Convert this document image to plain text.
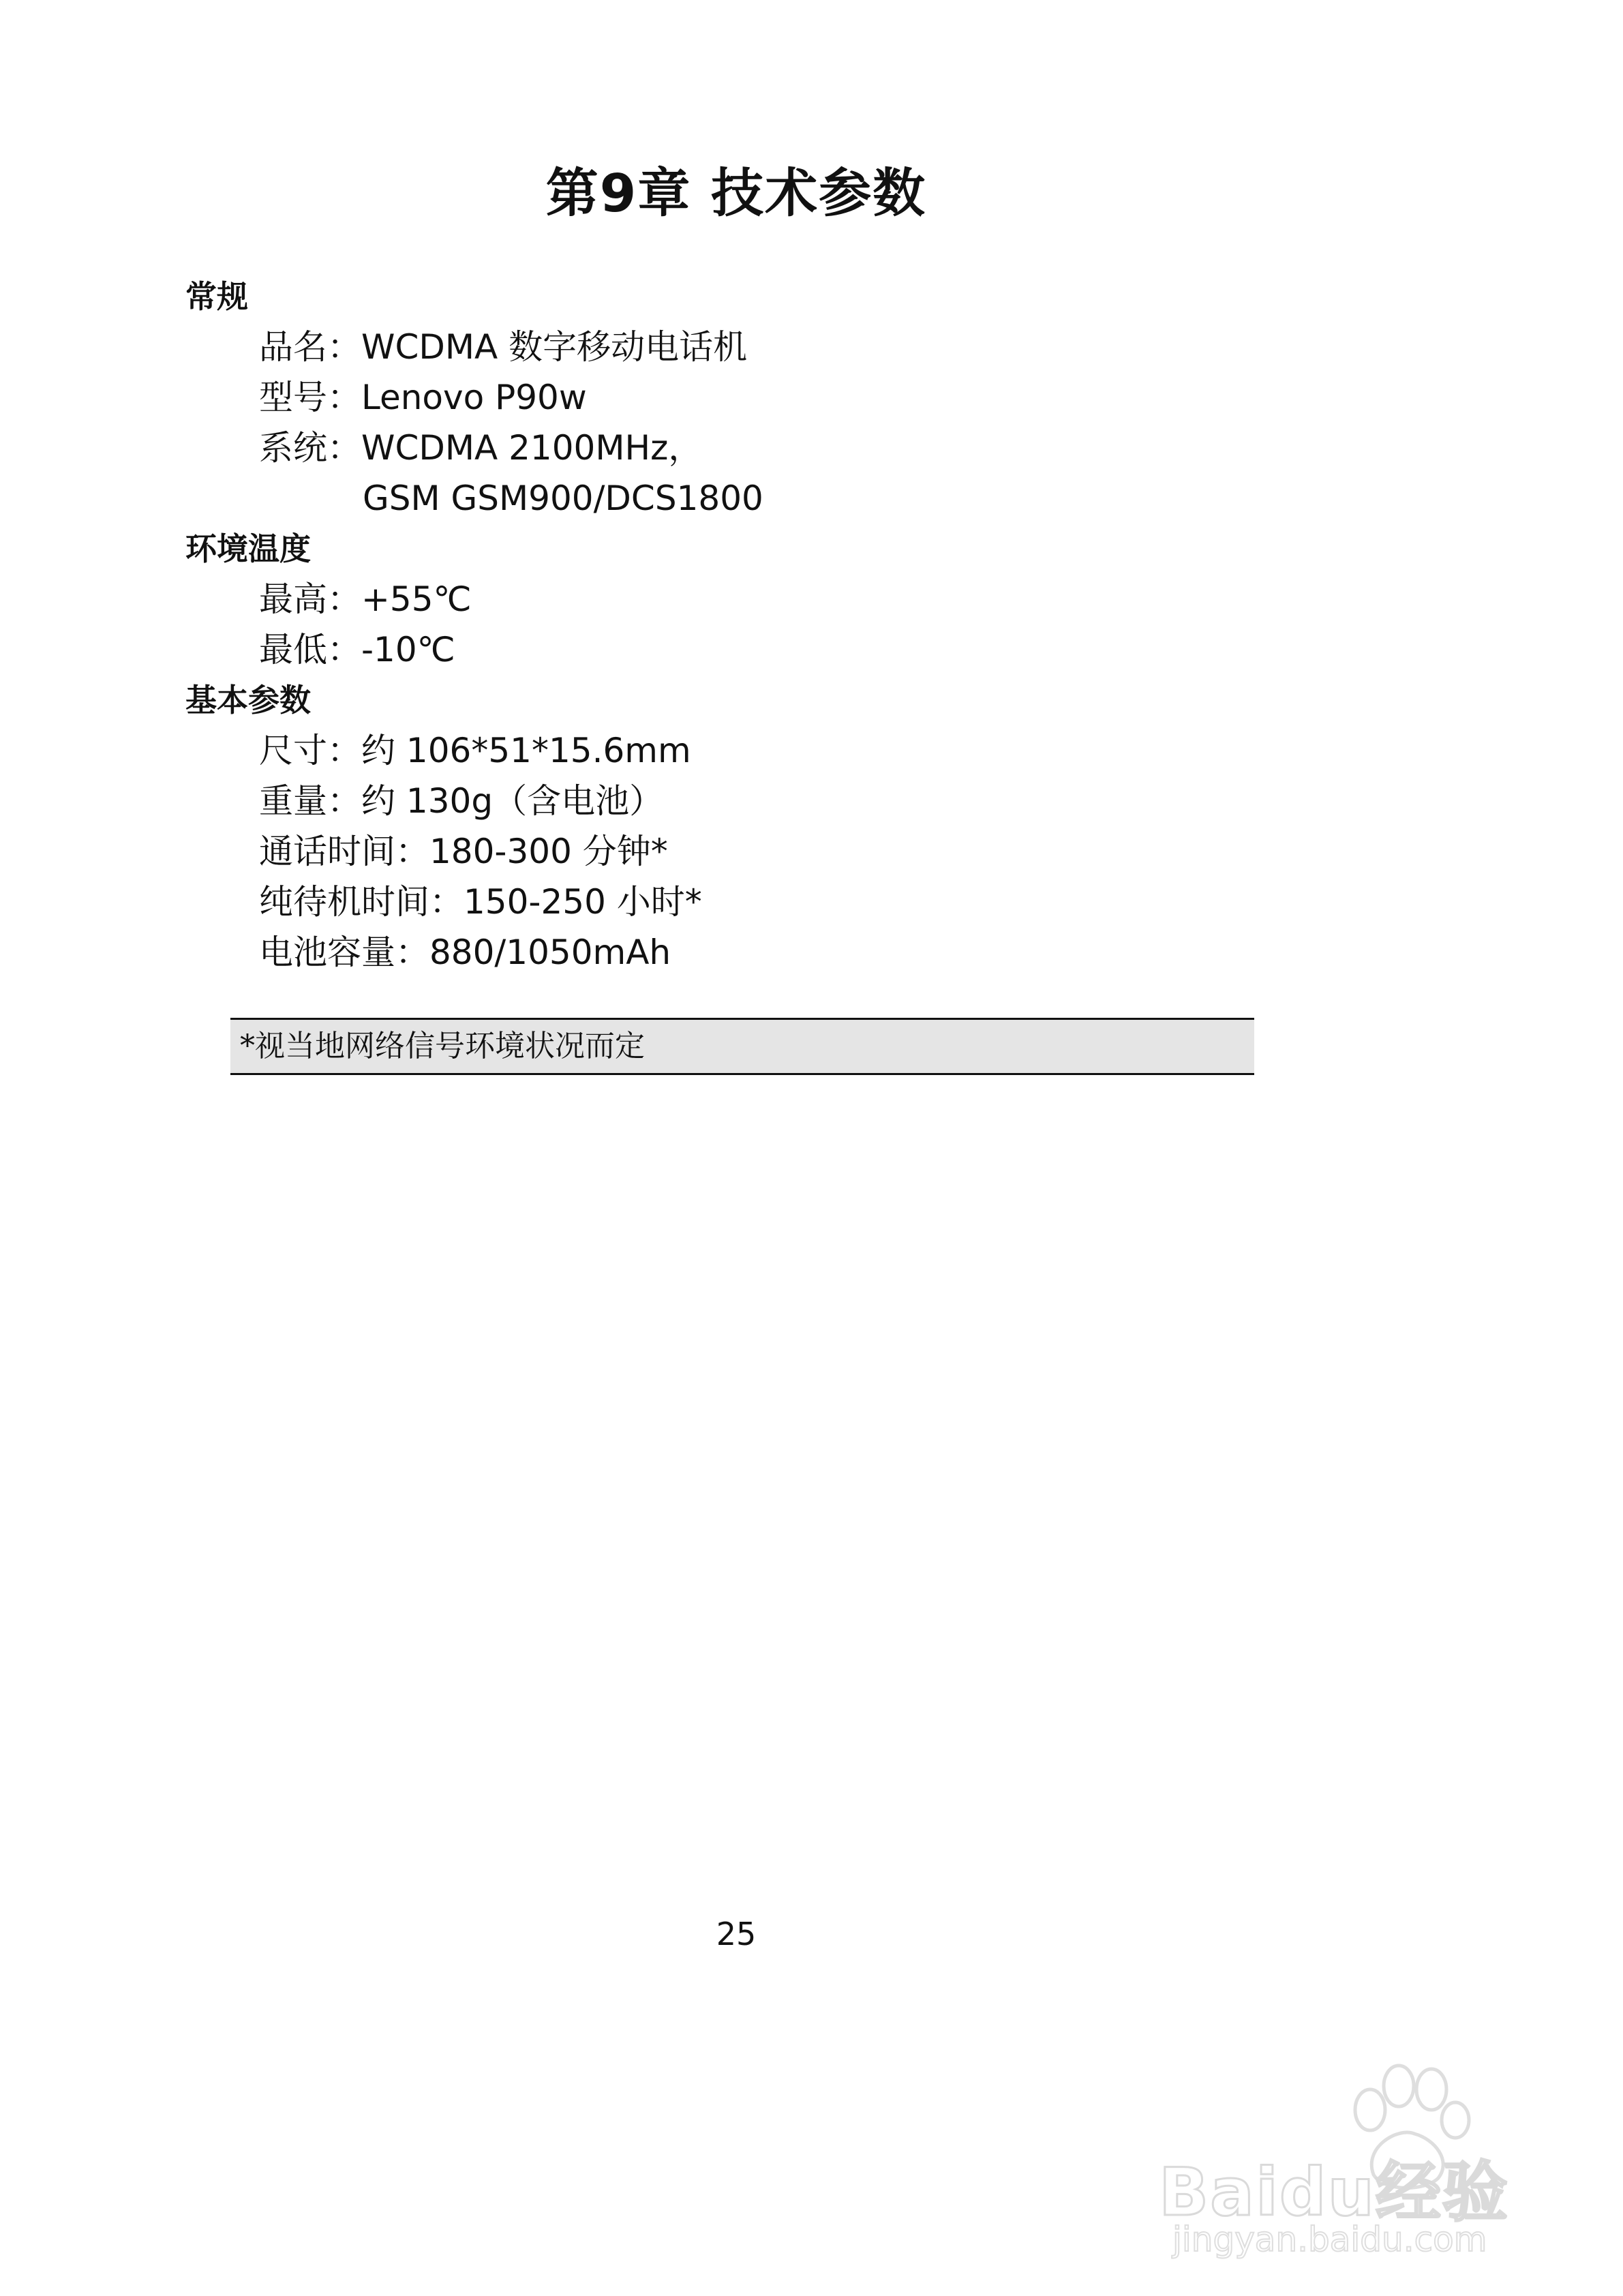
第9章 技术参数
常规
品名：WCDMA 数字移动电话机
型号：Lenovo P90w
系统：WCDMA 2100MHz，
GSM GSM900/DCS1800
环境温度
最高：+55℃
最低：-10℃
基本参数
尺寸：约 106*51*15.6mm
重量：约 130g（含电池）
通话时间：180-300 分钟*
纯待机时间：150-250 小时*
电池容量：880/1050mAh
*视当地网络信号环境状况而定
25
Baidu经验
jingyan.baidu.com
